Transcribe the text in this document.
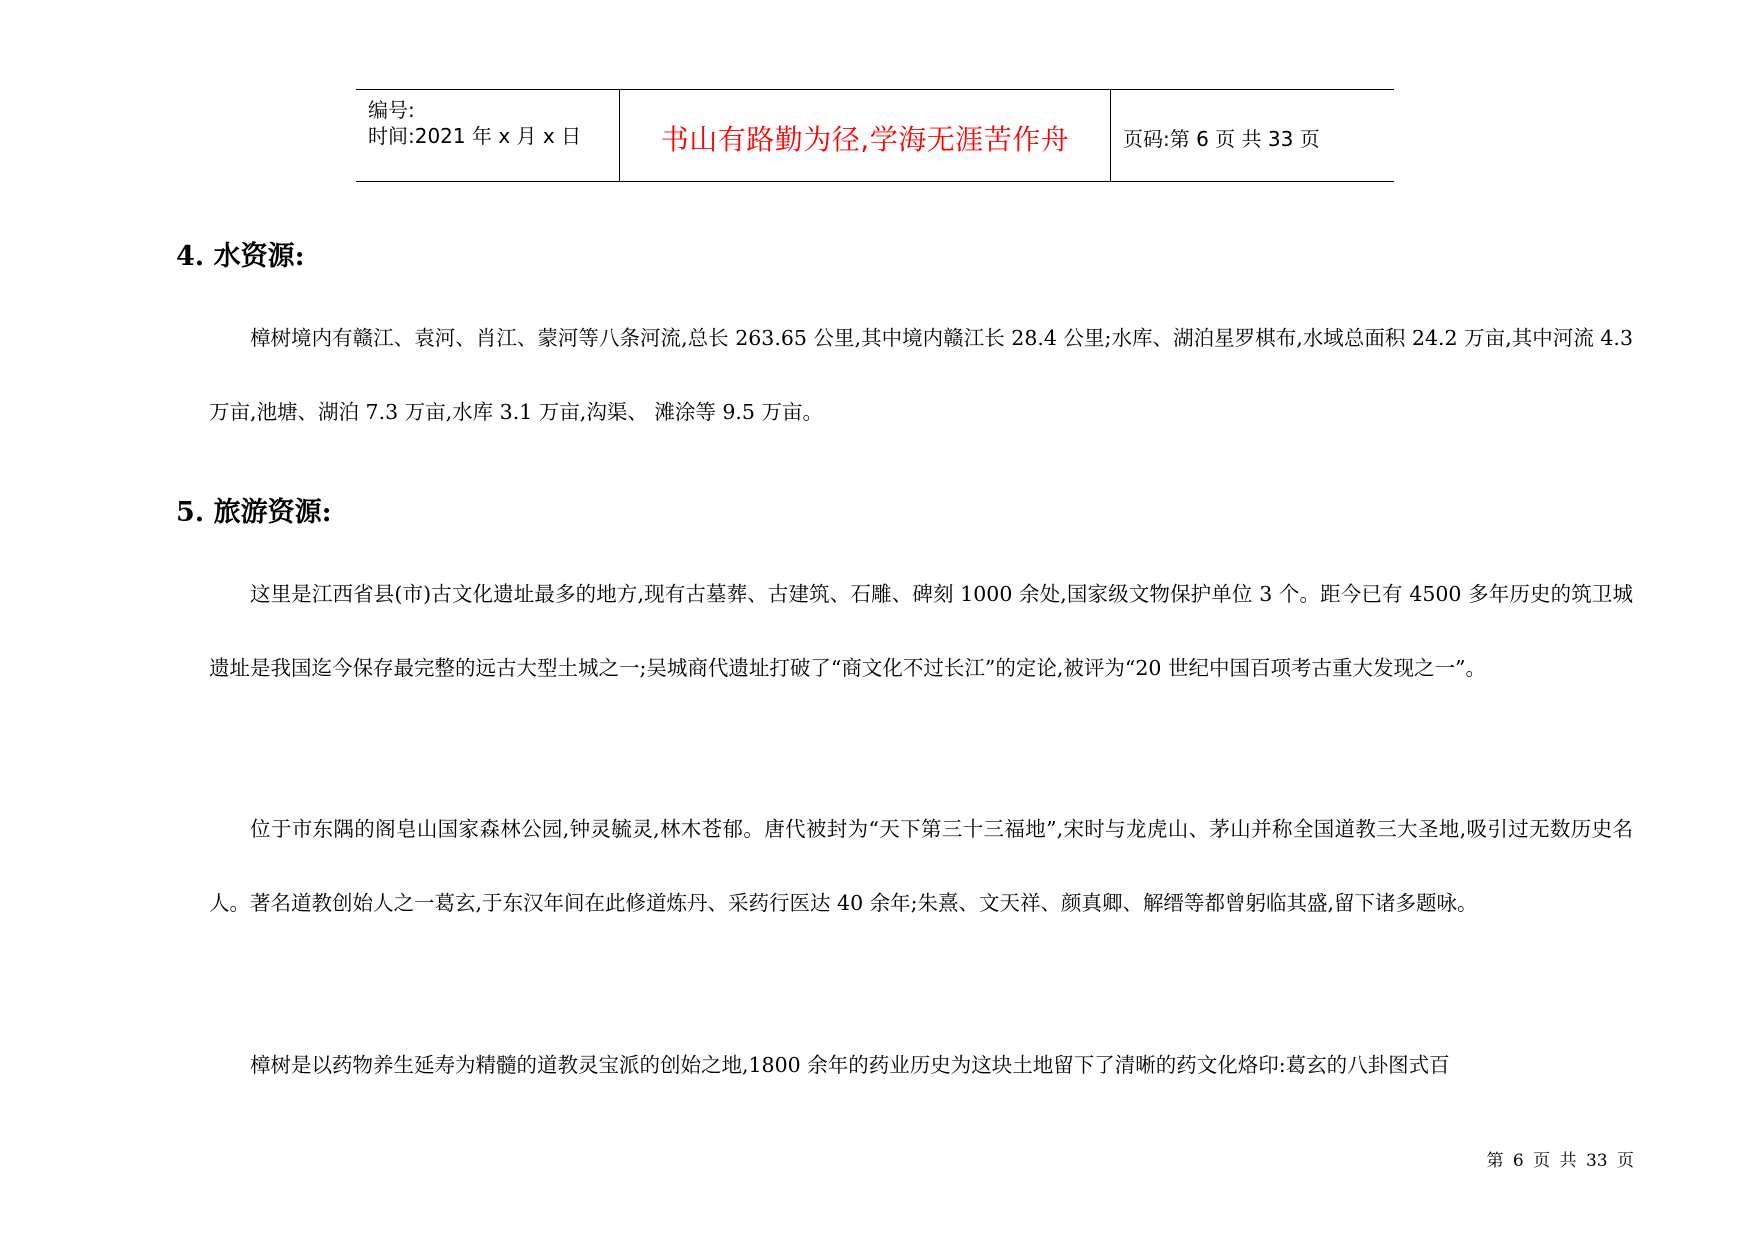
编号:
时间:2021 年 x 月 x 日	书山有路勤为径,学海无涯苦作舟	页码:第 6 页 共 33 页
4. 水资源:

樟树境内有赣江、袁河、肖江、蒙河等八条河流,总长 263.65 公里,其中境内赣江长 28.4 公里;水库、湖泊星罗棋布,水域总面积 24.2 万亩,其中河流 4.3 万亩,池塘、湖泊 7.3 万亩,水库 3.1 万亩,沟渠、 滩涂等 9.5 万亩。

5. 旅游资源:

这里是江西省县(市)古文化遗址最多的地方,现有古墓葬、古建筑、石雕、碑刻 1000 余处,国家级文物保护单位 3 个。距今已有 4500 多年历史的筑卫城遗址是我国迄今保存最完整的远古大型土城之一;吴城商代遗址打破了“商文化不过长江”的定论,被评为“20 世纪中国百项考古重大发现之一”。

位于市东隅的阁皂山国家森林公园,钟灵毓灵,林木苍郁。唐代被封为“天下第三十三福地”,宋时与龙虎山、茅山并称全国道教三大圣地,吸引过无数历史名人。著名道教创始人之一葛玄,于东汉年间在此修道炼丹、采药行医达 40 余年;朱熹、文天祥、颜真卿、解缙等都曾躬临其盛,留下诸多题咏。

樟树是以药物养生延寿为精髓的道教灵宝派的创始之地,1800 余年的药业历史为这块土地留下了清晰的药文化烙印:葛玄的八卦图式百

第 6 页 共 33 页
